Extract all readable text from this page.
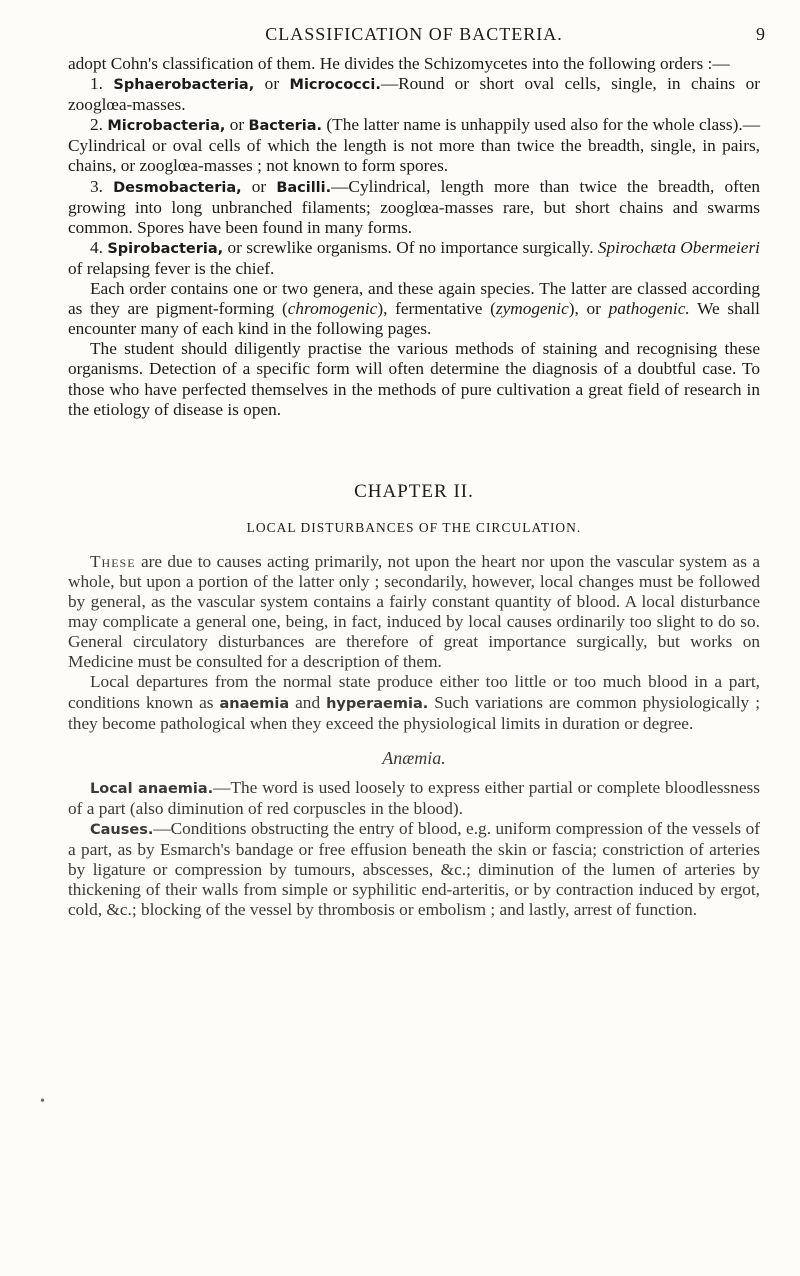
CLASSIFICATION OF BACTERIA.	9

adopt Cohn's classification of them. He divides the Schizomycetes into the following orders :—

1. Sphaerobacteria, or Micrococci.—Round or short oval cells, single, in chains or zooglœa-masses.

2. Microbacteria, or Bacteria. (The latter name is unhappily used also for the whole class).—Cylindrical or oval cells of which the length is not more than twice the breadth, single, in pairs, chains, or zooglœa-masses ; not known to form spores.

3. Desmobacteria, or Bacilli.—Cylindrical, length more than twice the breadth, often growing into long unbranched filaments; zooglœa-masses rare, but short chains and swarms common. Spores have been found in many forms.

4. Spirobacteria, or screwlike organisms. Of no importance surgically. Spirochæta Obermeieri of relapsing fever is the chief.

Each order contains one or two genera, and these again species. The latter are classed according as they are pigment-forming (chromogenic), fermentative (zymogenic), or pathogenic. We shall encounter many of each kind in the following pages.

The student should diligently practise the various methods of staining and recognising these organisms. Detection of a specific form will often determine the diagnosis of a doubtful case. To those who have perfected themselves in the methods of pure cultivation a great field of research in the etiology of disease is open.

CHAPTER II.
LOCAL DISTURBANCES OF THE CIRCULATION.

These are due to causes acting primarily, not upon the heart nor upon the vascular system as a whole, but upon a portion of the latter only ; secondarily, however, local changes must be followed by general, as the vascular system contains a fairly constant quantity of blood. A local disturbance may complicate a general one, being, in fact, induced by local causes ordinarily too slight to do so. General circulatory disturbances are therefore of great importance surgically, but works on Medicine must be consulted for a description of them.

Local departures from the normal state produce either too little or too much blood in a part, conditions known as anaemia and hyperaemia. Such variations are common physiologically ; they become pathological when they exceed the physiological limits in duration or degree.

Anæmia.

Local anaemia.—The word is used loosely to express either partial or complete bloodlessness of a part (also diminution of red corpuscles in the blood).

Causes.—Conditions obstructing the entry of blood, e.g. uniform compression of the vessels of a part, as by Esmarch's bandage or free effusion beneath the skin or fascia; constriction of arteries by ligature or compression by tumours, abscesses, &c.; diminution of the lumen of arteries by thickening of their walls from simple or syphilitic end-arteritis, or by contraction induced by ergot, cold, &c.; blocking of the vessel by thrombosis or embolism ; and lastly, arrest of function.

•
